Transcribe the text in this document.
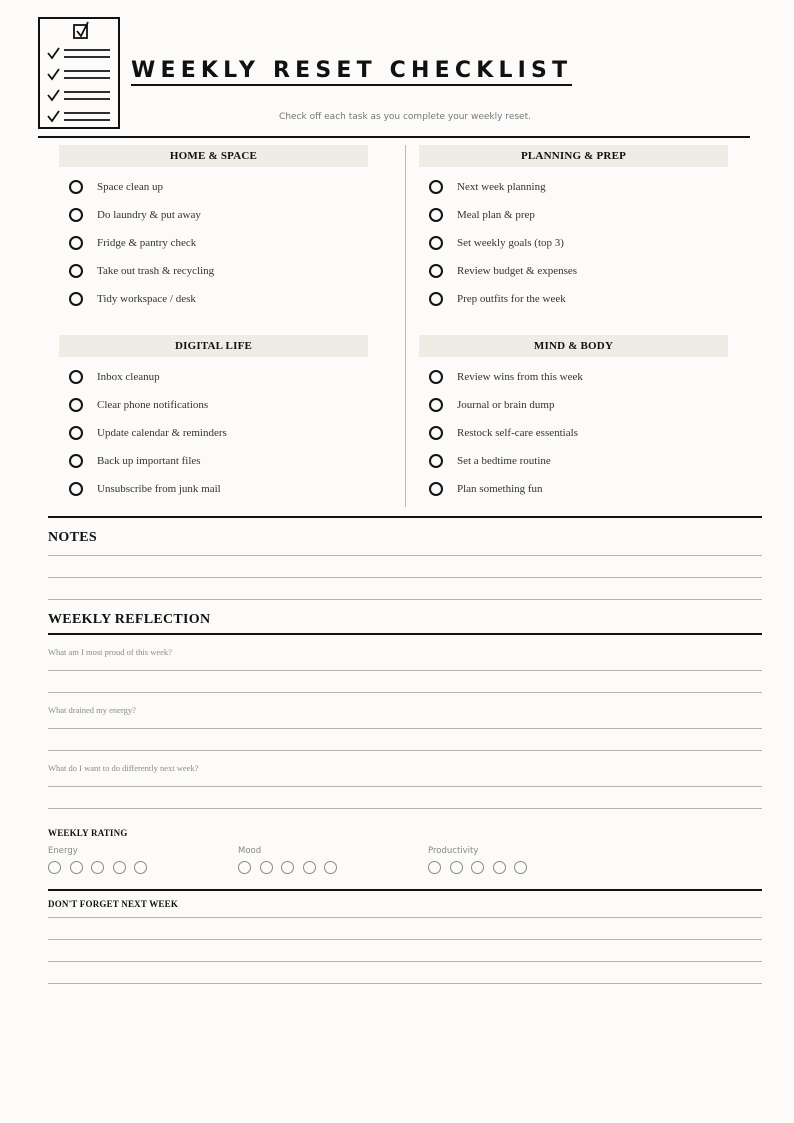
WEEKLY RESET CHECKLIST
Check off each task as you complete your weekly reset.
HOME & SPACE
Space clean up
Do laundry & put away
Fridge & pantry check
Take out trash & recycling
Tidy workspace / desk
PLANNING & PREP
Next week planning
Meal plan & prep
Set weekly goals (top 3)
Review budget & expenses
Prep outfits for the week
DIGITAL LIFE
Inbox cleanup
Clear phone notifications
Update calendar & reminders
Back up important files
Unsubscribe from junk mail
MIND & BODY
Review wins from this week
Journal or brain dump
Restock self-care essentials
Set a bedtime routine
Plan something fun
NOTES
WEEKLY REFLECTION
What am I most proud of this week?
What drained my energy?
What do I want to do differently next week?
WEEKLY RATING
Energy	Mood	Productivity
DON'T FORGET NEXT WEEK
